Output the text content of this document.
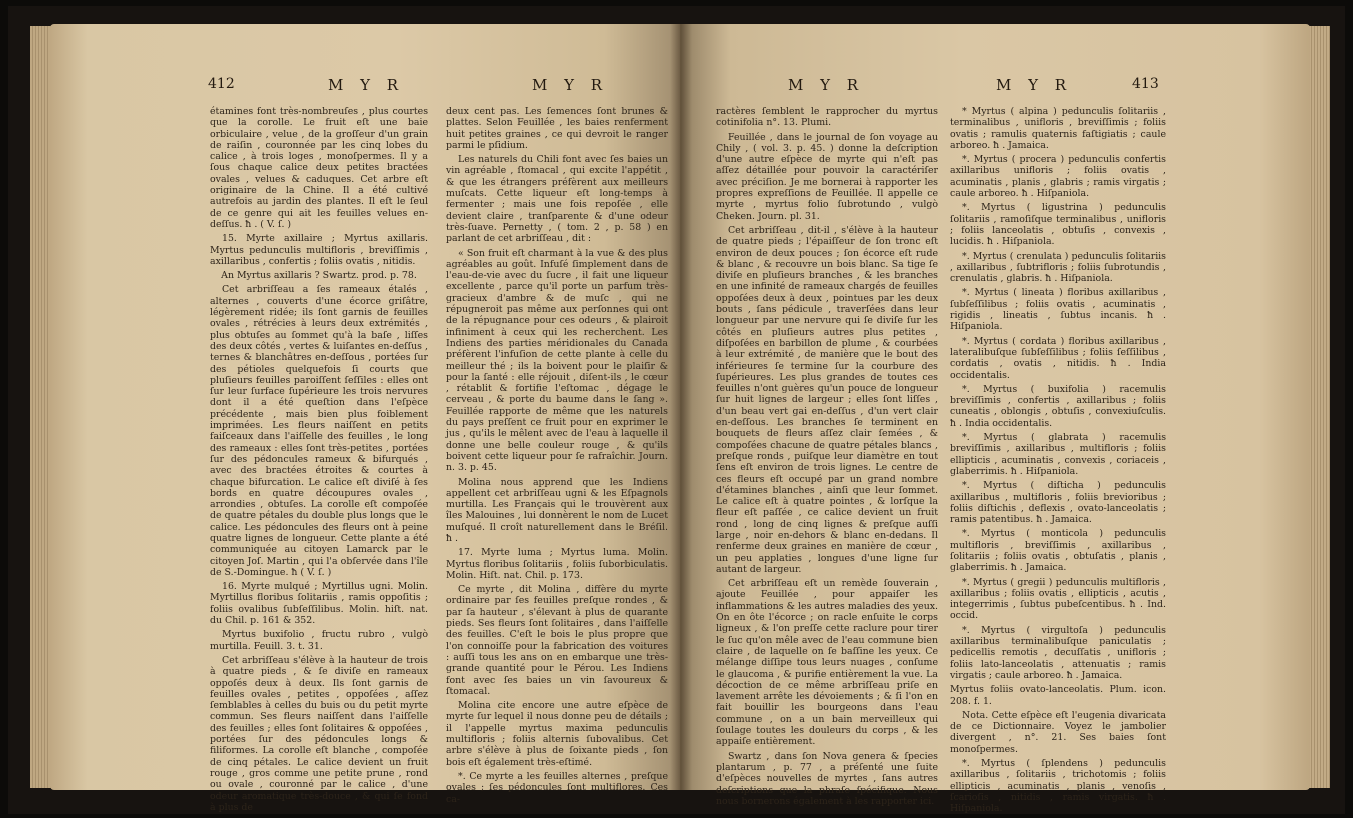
412	M Y R	M Y R

étamines font très-nombreuſes , plus courtes que la corolle. Le fruit eſt une baie orbiculaire , velue , de la groſſeur d'un grain de raiſin , couronnée par les cinq lobes du calice , à trois loges , monoſpermes. Il y a ſous chaque calice deux petites bractées ovales , velues & caduques. Cet arbre eſt originaire de la Chine. Il a été cultivé autrefois au jardin des plantes. Il eſt le ſeul de ce genre qui ait les feuilles velues en-deſſus. ħ . ( V. ſ. )

15. Myrte axillaire ; Myrtus axillaris. Myrtus pedunculis multifloris , breviſſimis , axillaribus , confertis ; foliis ovatis , nitidis.

An Myrtus axillaris ? Swartz. prod. p. 78.

Cet arbriſſeau a ſes rameaux étalés , alternes , couverts d'une écorce griſâtre, légèrement ridée; ils ſont garnis de feuilles ovales , rétrécies à leurs deux extrémités , plus obtuſes au ſommet qu'à la baſe , liſſes des deux côtés , vertes & luiſantes en-deſſus , ternes & blanchâtres en-deſſous , portées ſur des pétioles quelquefois ſi courts que pluſieurs feuilles paroiſſent ſeſſiles : elles ont ſur leur ſurface ſupérieure les trois nervures dont il a été queſtion dans l'eſpèce précédente , mais bien plus foiblement imprimées. Les fleurs naiſſent en petits faiſceaux dans l'aiſſelle des feuilles , le long des rameaux : elles ſont très-petites , portées ſur des pédoncules rameux & bifurqués , avec des bractées étroites & courtes à chaque bifurcation. Le calice eſt diviſé à ſes bords en quatre découpures ovales , arrondies , obtuſes. La corolle eſt compoſée de quatre pétales du double plus longs que le calice. Les pédoncules des fleurs ont à peine quatre lignes de longueur. Cette plante a été communiquée au citoyen Lamarck par le citoyen Joſ. Martin , qui l'a obſervée dans l'île de S.-Domingue. ħ ( V. ſ. )

16. Myrte mulqué ; Myrtillus ugni. Molin. Myrtillus floribus ſolitariis , ramis oppoſitis ; foliis ovalibus ſubſeſſilibus. Molin. hiſt. nat. du Chil. p. 161 & 352.

Myrtus buxifolio , fructu rubro , vulgò murtilla. Feuill. 3. t. 31.

Cet arbriſſeau s'élève à la hauteur de trois à quatre pieds , & ſe diviſe en rameaux oppoſés deux à deux. Ils ſont garnis de feuilles ovales , petites , oppoſées , aſſez ſemblables à celles du buis ou du petit myrte commun. Ses fleurs naiſſent dans l'aiſſelle des feuilles ; elles ſont ſolitaires & oppoſées , portées ſur des pédoncules longs & filiformes. La corolle eſt blanche , compoſée de cinq pétales. Le calice devient un fruit rouge , gros comme une petite prune , rond ou ovale , couronné par le calice , d'une odeur aromatique très-douce , & qui ſe fond à plus de

deux cent pas. Les ſemences ſont brunes & plattes. Selon Feuillée , les baies renferment huit petites graines , ce qui devroit le ranger parmi le pſidium.

Les naturels du Chili font avec ſes baies un vin agréable , ſtomacal , qui excite l'appétit , & que les étrangers préfèrent aux meilleurs muſcats. Cette liqueur eſt long-temps à fermenter ; mais une fois repoſée , elle devient claire , tranſparente & d'une odeur très-ſuave. Pernetty , ( tom. 2 , p. 58 ) en parlant de cet arbriſſeau , dit :

« Son fruit eſt charmant à la vue & des plus agréables au goût. Infuſé ſimplement dans de l'eau-de-vie avec du ſucre , il fait une liqueur excellente , parce qu'il porte un parfum très-gracieux d'ambre & de muſc , qui ne répugneroit pas même aux perſonnes qui ont de la répugnance pour ces odeurs , & plairoit infiniment à ceux qui les recherchent. Les Indiens des parties méridionales du Canada préfèrent l'infuſion de cette plante à celle du meilleur thé ; ils la boivent pour le plaiſir & pour la ſanté : elle réjouit , diſent-ils , le cœur , rétablit & fortifie l'eſtomac , dégage le cerveau , & porte du baume dans le ſang ». Feuillée rapporte de même que les naturels du pays preſſent ce fruit pour en exprimer le jus , qu'ils le mêlent avec de l'eau à laquelle il donne une belle couleur rouge , & qu'ils boivent cette liqueur pour ſe rafraîchir. Journ. n. 3. p. 45.

Molina nous apprend que les Indiens appellent cet arbriſſeau ugni & les Eſpagnols murtilla. Les Français qui le trouvèrent aux îles Malouines , lui donnèrent le nom de Lucet muſqué. Il croît naturellement dans le Bréſil. ħ .

17. Myrte luma ; Myrtus luma. Molin. Myrtus floribus ſolitariis , foliis ſuborbiculatis. Molin. Hiſt. nat. Chil. p. 173.

Ce myrte , dit Molina , diffère du myrte ordinaire par ſes feuilles preſque rondes , & par ſa hauteur , s'élevant à plus de quarante pieds. Ses fleurs ſont ſolitaires , dans l'aiſſelle des feuilles. C'eſt le bois le plus propre que l'on connoiſſe pour la fabrication des voitures : auſſi tous les ans on en embarque une très-grande quantité pour le Pérou. Les Indiens font avec ſes baies un vin ſavoureux & ſtomacal.

Molina cite encore une autre eſpèce de myrte ſur lequel il nous donne peu de détails ; il l'appelle myrtus maxima pedunculis multifloris ; foliis alternis ſubovalibus. Cet arbre s'élève à plus de ſoixante pieds , ſon bois eſt également très-eſtimé.

*. Ce myrte a les feuilles alternes , preſque ovales ; ſes pédoncules ſont multiflores. Ces ca-

M Y R	M Y R	413

ractères ſemblent le rapprocher du myrtus cotinifolia n°. 13. Plumi.

Feuillée , dans le journal de ſon voyage au Chily , ( vol. 3. p. 45. ) donne la deſcription d'une autre eſpèce de myrte qui n'eſt pas aſſez détaillée pour pouvoir la caractériſer avec préciſion. Je me bornerai à rapporter les propres expreſſions de Feuillée. Il appelle ce myrte , myrtus folio ſubrotundo , vulgò Cheken. Journ. pl. 31.

Cet arbriſſeau , dit-il , s'élève à la hauteur de quatre pieds ; l'épaiſſeur de ſon tronc eſt environ de deux pouces ; ſon écorce eſt rude & blanc , & recouvre un bois blanc. Sa tige ſe diviſe en pluſieurs branches , & les branches en une infinité de rameaux chargés de feuilles oppoſées deux à deux , pointues par les deux bouts , ſans pédicule , traverſées dans leur longueur par une nervure qui ſe diviſe ſur les côtés en pluſieurs autres plus petites , diſpoſées en barbillon de plume , & courbées à leur extrémité , de manière que le bout des inférieures ſe termine ſur la courbure des ſupérieures. Les plus grandes de toutes ces feuilles n'ont guères qu'un pouce de longueur ſur huit lignes de largeur ; elles ſont liſſes , d'un beau vert gai en-deſſus , d'un vert clair en-deſſous. Les branches ſe terminent en bouquets de fleurs aſſez clair ſemées , & compoſées chacune de quatre pétales blancs , preſque ronds , puiſque leur diamètre en tout ſens eſt environ de trois lignes. Le centre de ces fleurs eſt occupé par un grand nombre d'étamines blanches , ainſi que leur ſommet. Le calice eſt à quatre pointes , & lorſque la fleur eſt paſſée , ce calice devient un fruit rond , long de cinq lignes & preſque auſſi large , noir en-dehors & blanc en-dedans. Il renferme deux graines en manière de cœur , un peu applaties , longues d'une ligne ſur autant de largeur.

Cet arbriſſeau eſt un remède ſouverain , ajoute Feuillée , pour appaiſer les inflammations & les autres maladies des yeux. On en ôte l'écorce ; on racle enſuite le corps ligneux , & l'on preſſe cette raclure pour tirer le ſuc qu'on mêle avec de l'eau commune bien claire , de laquelle on ſe baſſine les yeux. Ce mélange diſſipe tous leurs nuages , conſume le glaucoma , & purifie entièrement la vue. La décoction de ce même arbriſſeau priſe en lavement arrête les dévoiements ; & ſi l'on en fait bouillir les bourgeons dans l'eau commune , on a un bain merveilleux qui ſoulage toutes les douleurs du corps , & les appaiſe entièrement.

Swartz , dans ſon Nova genera & ſpecies plantarum , p. 77 , a préſenté une ſuite d'eſpèces nouvelles de myrtes , ſans autres deſcriptions que la phraſe ſpécifique. Nous nous bornerons également à les rapporter ici.

* Myrtus ( alpina ) pedunculis ſolitariis , terminalibus , unifloris , breviſſimis ; foliis ovatis ; ramulis quaternis faſtigiatis ; caule arboreo. ħ . Jamaica.

*. Myrtus ( procera ) pedunculis confertis axillaribus unifloris ; foliis ovatis , acuminatis , planis , glabris ; ramis virgatis ; caule arboreo. ħ . Hiſpaniola.

*. Myrtus ( ligustrina ) pedunculis ſolitariis , ramoſiſque terminalibus , unifloris ; foliis lanceolatis , obtuſis , convexis , lucidis. ħ . Hiſpaniola.

*. Myrtus ( crenulata ) pedunculis ſolitariis , axillaribus , ſubtrifloris ; foliis ſubrotundis , crenulatis , glabris. ħ . Hiſpaniola.

*. Myrtus ( lineata ) floribus axillaribus , ſubſeſſilibus ; foliis ovatis , acuminatis , rigidis , lineatis , ſubtus incanis. ħ . Hiſpaniola.

*. Myrtus ( cordata ) floribus axillaribus , lateralibuſque ſubſeſſilibus ; foliis ſeſſilibus , cordatis , ovatis , nitidis. ħ . India occidentalis.

*. Myrtus ( buxifolia ) racemulis breviſſimis , confertis , axillaribus ; foliis cuneatis , oblongis , obtuſis , convexiuſculis. ħ . India occidentalis.

*. Myrtus ( glabrata ) racemulis breviſſimis , axillaribus , multifloris ; foliis ellipticis , acuminatis , convexis , coriaceis , glaberrimis. ħ . Hiſpaniola.

*. Myrtus ( diſticha ) pedunculis axillaribus , multifloris , foliis brevioribus ; foliis diſtichis , deflexis , ovato-lanceolatis ; ramis patentibus. ħ . Jamaica.

*. Myrtus ( monticola ) pedunculis multifloris , breviſſimis , axillaribus , ſolitariis ; foliis ovatis , obtuſatis , planis , glaberrimis. ħ . Jamaica.

*. Myrtus ( gregii ) pedunculis multifloris , axillaribus ; foliis ovatis , ellipticis , acutis , integerrimis , ſubtus pubeſcentibus. ħ . Ind. occid.

*. Myrtus ( virgultoſa ) pedunculis axillaribus terminalibuſque paniculatis ; pedicellis remotis , decuſſatis , unifloris ; foliis lato-lanceolatis , attenuatis ; ramis virgatis ; caule arboreo. ħ . Jamaica.

Myrtus foliis ovato-lanceolatis. Plum. icon. 208. f. 1.

Nota. Cette eſpèce eſt l'eugenia divaricata de ce Dictionnaire. Voyez le jambolier divergent , n°. 21. Ses baies ſont monoſpermes.

*. Myrtus ( ſplendens ) pedunculis axillaribus , ſolitariis , trichotomis ; foliis ellipticis , acuminatis , planis , venoſis , ſcarioſis , nitidis , ramis virgatis. ħ . Hiſpaniola.
